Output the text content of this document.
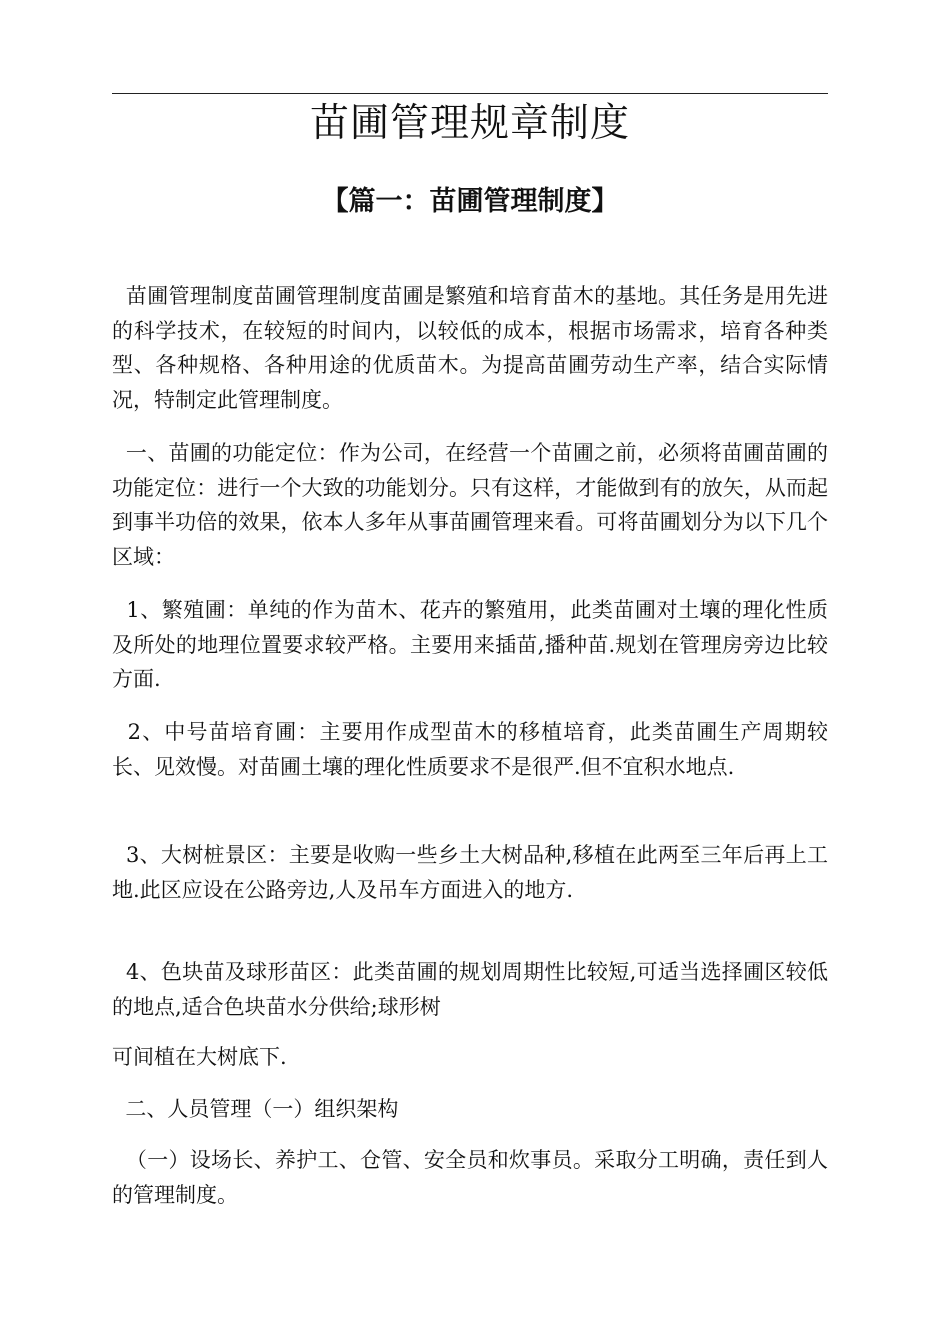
苗圃管理规章制度
【篇一：苗圃管理制度】

苗圃管理制度苗圃管理制度苗圃是繁殖和培育苗木的基地。其任务是用先进的科学技术，在较短的时间内，以较低的成本，根据市场需求，培育各种类型、各种规格、各种用途的优质苗木。为提高苗圃劳动生产率，结合实际情况，特制定此管理制度。

一、苗圃的功能定位：作为公司，在经营一个苗圃之前，必须将苗圃苗圃的功能定位：进行一个大致的功能划分。只有这样，才能做到有的放矢，从而起到事半功倍的效果，依本人多年从事苗圃管理来看。可将苗圃划分为以下几个区域：

1、繁殖圃：单纯的作为苗木、花卉的繁殖用，此类苗圃对土壤的理化性质及所处的地理位置要求较严格。主要用来插苗,播种苗.规划在管理房旁边比较方面.

2、中号苗培育圃：主要用作成型苗木的移植培育，此类苗圃生产周期较长、见效慢。对苗圃土壤的理化性质要求不是很严.但不宜积水地点.

3、大树桩景区：主要是收购一些乡土大树品种,移植在此两至三年后再上工地.此区应设在公路旁边,人及吊车方面进入的地方.

4、色块苗及球形苗区：此类苗圃的规划周期性比较短,可适当选择圃区较低的地点,适合色块苗水分供给;球形树

可间植在大树底下.

二、人员管理（一）组织架构

（一）设场长、养护工、仓管、安全员和炊事员。采取分工明确，责任到人的管理制度。
